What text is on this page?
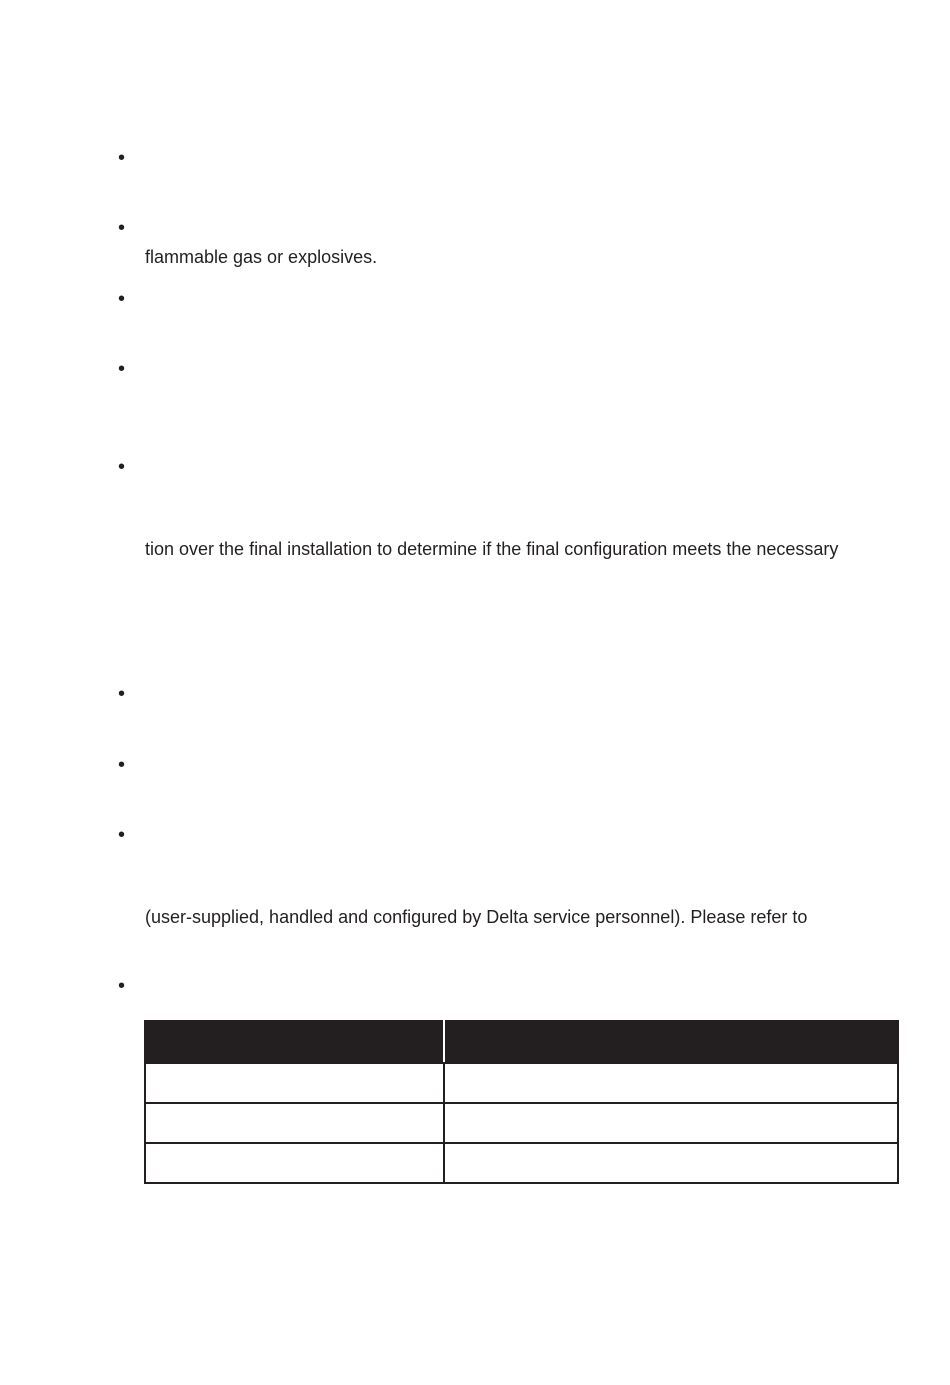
•
•
•
•
•
•
•
•
•
flammable gas or explosives.
tion over the final installation to determine if the final configuration meets the necessary
(user-supplied, handled and configured by Delta service personnel). Please refer to
